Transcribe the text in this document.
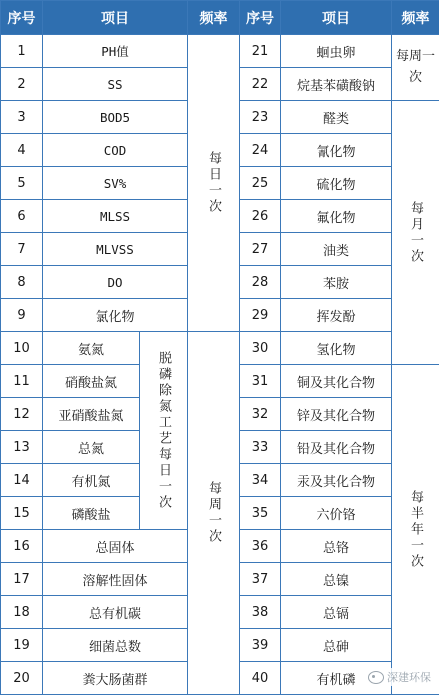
序号	项目		频率	序号	项目	频率
1	PH值		每日一次	21	蛔虫卵	每周一
次

2	SS			22	烷基苯磺酸钠	
3	BOD5			23	醛类	每月一次

4	COD			24	氰化物	
5	SV%			25	硫化物	
6	MLSS			26	氟化物	
7	MLVSS			27	油类	
8	DO			28	苯胺	
9	氯化物			29	挥发酚	
10	氨氮	脱磷除氮工艺每日一次	每周一次	30	氢化物	
11	硝酸盐氮			31	铜及其化合物	每半年一次

12	亚硝酸盐氮			32	锌及其化合物	
13	总氮			33	铅及其化合物	
14	有机氮			34	汞及其化合物	
15	磷酸盐			35	六价铬	
16	总固体			36	总铬	
17	溶解性固体			37	总镍	
18	总有机碳			38	总镉	
19	细菌总数			39	总砷	
20	粪大肠菌群			40	有机磷		深建环保
